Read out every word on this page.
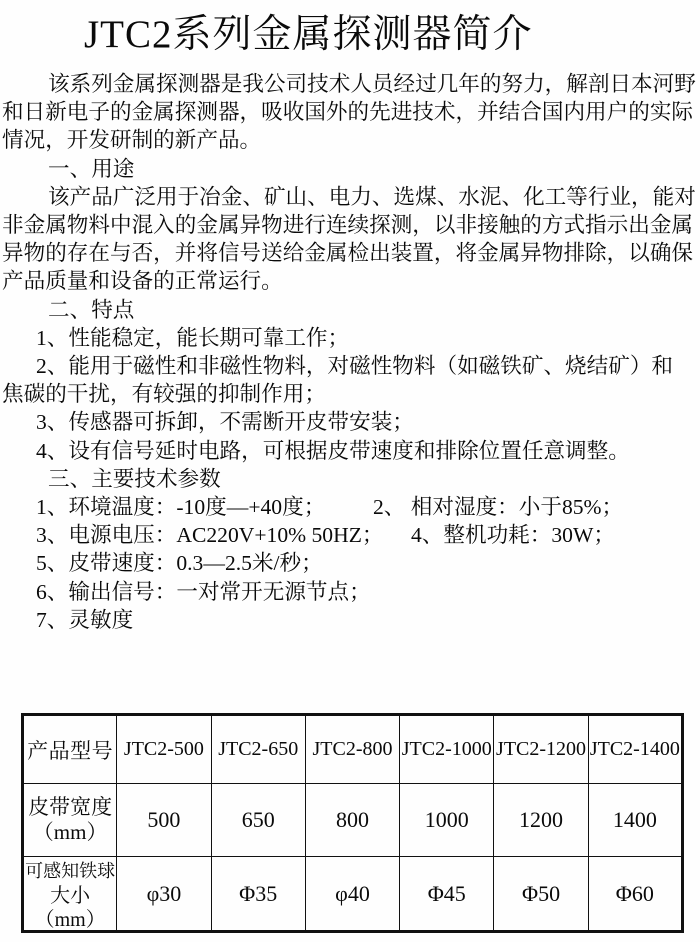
JTC2系列金属探测器简介
该系列金属探测器是我公司技术人员经过几年的努力，解剖日本河野
和日新电子的金属探测器，吸收国外的先进技术，并结合国内用户的实际
情况，开发研制的新产品。
一、用途
该产品广泛用于冶金、矿山、电力、选煤、水泥、化工等行业，能对
非金属物料中混入的金属异物进行连续探测，以非接触的方式指示出金属
异物的存在与否，并将信号送给金属检出装置，将金属异物排除，以确保
产品质量和设备的正常运行。
二、特点
1、性能稳定，能长期可靠工作；
2、能用于磁性和非磁性物料，对磁性物料（如磁铁矿、烧结矿）和
焦碳的干扰，有较强的抑制作用；
3、传感器可拆卸，不需断开皮带安装；
4、设有信号延时电路，可根据皮带速度和排除位置任意调整。
三、主要技术参数
1、环境温度：-10度—+40度； 2、 相对湿度：小于85%；
3、电源电压：AC220V+10% 50HZ； 4、整机功耗：30W；
5、皮带速度：0.3—2.5米/秒；
6、输出信号：一对常开无源节点；
7、灵敏度
产品型号	JTC2-500	JTC2-650	JTC2-800	JTC2-1000	JTC2-1200	JTC2-1400

皮带宽度
（mm）	500	650	800	1000	1200	1400

可感知铁球
大小
（mm）	φ30	Φ35	φ40	Φ45	Φ50	Φ60
